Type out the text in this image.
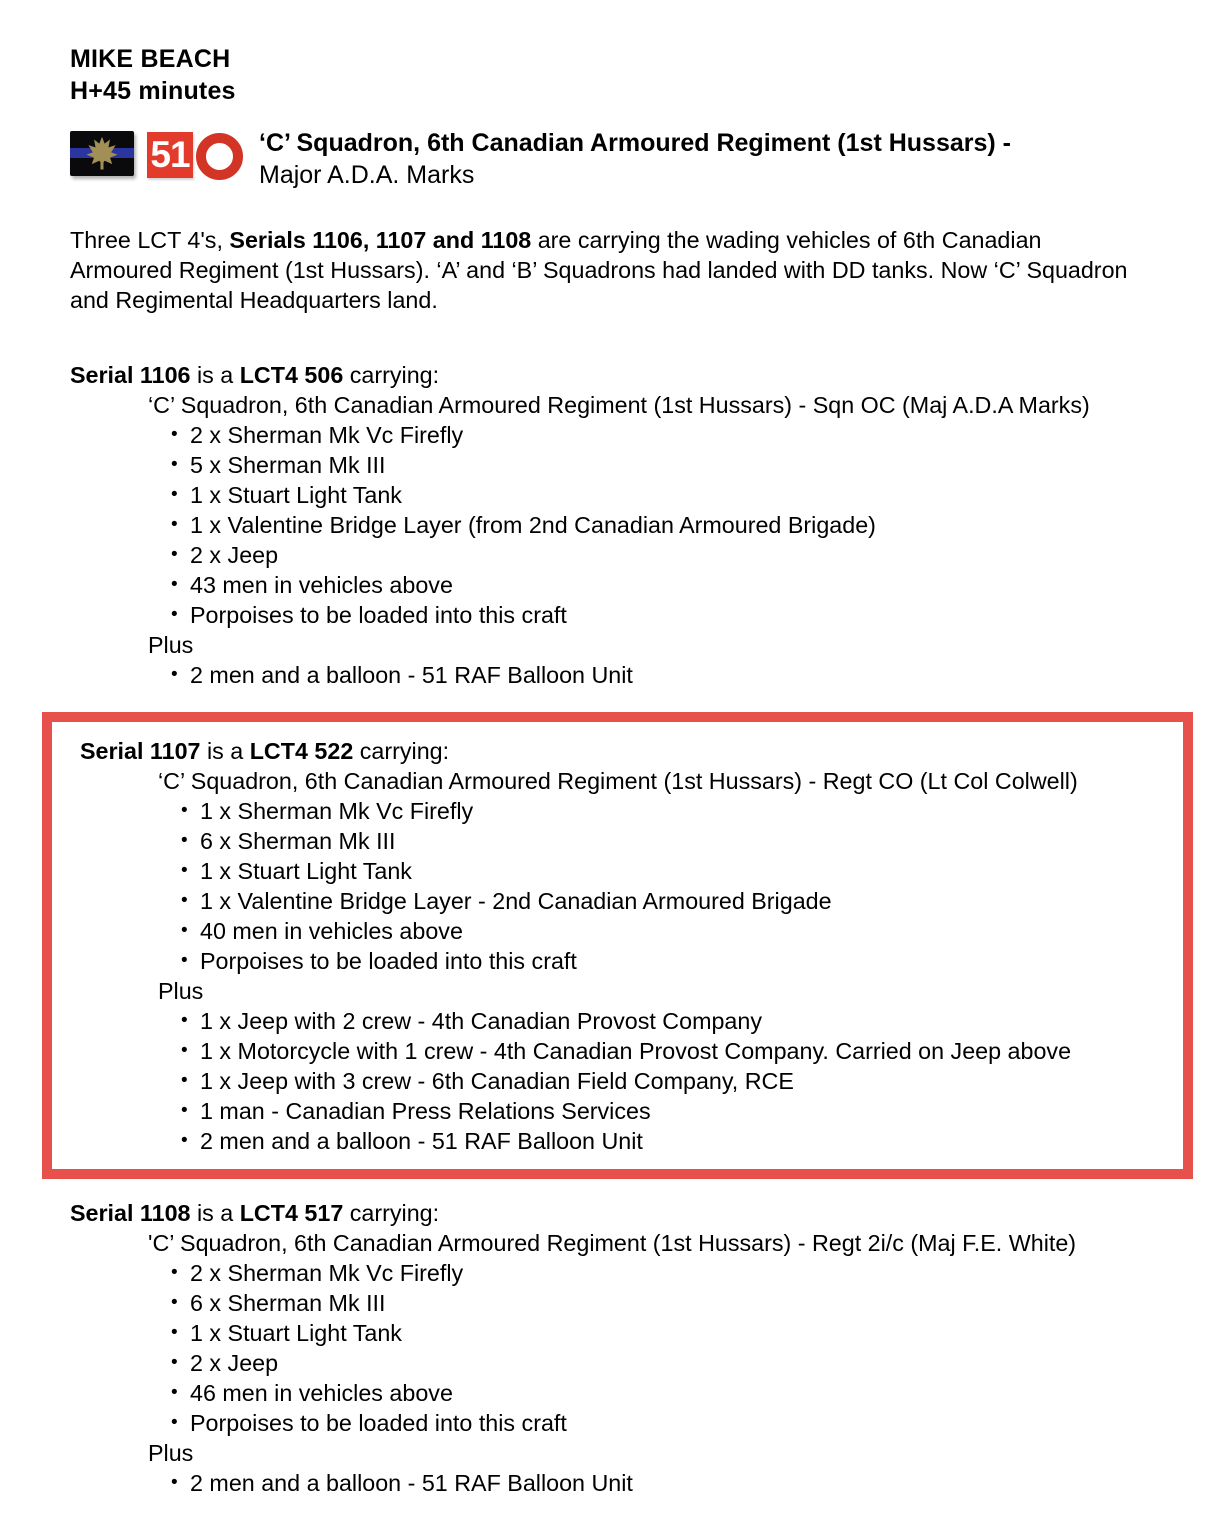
MIKE BEACH
H+45 minutes
51	‘C’ Squadron, 6th Canadian Armoured Regiment (1st Hussars) -
Major A.D.A. Marks

Three LCT 4's, Serials 1106, 1107 and 1108 are carrying the wading vehicles of 6th Canadian Armoured Regiment (1st Hussars). ‘A’ and ‘B’ Squadrons had landed with DD tanks. Now ‘C’ Squadron and Regimental Headquarters land.

Serial 1106 is a LCT4 506 carrying:

‘C’ Squadron, 6th Canadian Armoured Regiment (1st Hussars) - Sqn OC (Maj A.D.A Marks)

• 2 x Sherman Mk Vc Firefly
• 5 x Sherman Mk III
• 1 x Stuart Light Tank
• 1 x Valentine Bridge Layer (from 2nd Canadian Armoured Brigade)
• 2 x Jeep
• 43 men in vehicles above
• Porpoises to be loaded into this craft

Plus

• 2 men and a balloon - 51 RAF Balloon Unit

Serial 1107 is a LCT4 522 carrying:

‘C’ Squadron, 6th Canadian Armoured Regiment (1st Hussars) - Regt CO (Lt Col Colwell)

• 1 x Sherman Mk Vc Firefly
• 6 x Sherman Mk III
• 1 x Stuart Light Tank
• 1 x Valentine Bridge Layer - 2nd Canadian Armoured Brigade
• 40 men in vehicles above
• Porpoises to be loaded into this craft

Plus

• 1 x Jeep with 2 crew - 4th Canadian Provost Company
• 1 x Motorcycle with 1 crew - 4th Canadian Provost Company. Carried on Jeep above
• 1 x Jeep with 3 crew - 6th Canadian Field Company, RCE
• 1 man - Canadian Press Relations Services
• 2 men and a balloon - 51 RAF Balloon Unit

Serial 1108 is a LCT4 517 carrying:

'C’ Squadron, 6th Canadian Armoured Regiment (1st Hussars) - Regt 2i/c (Maj F.E. White)

• 2 x Sherman Mk Vc Firefly
• 6 x Sherman Mk III
• 1 x Stuart Light Tank
• 2 x Jeep
• 46 men in vehicles above
• Porpoises to be loaded into this craft

Plus

• 2 men and a balloon - 51 RAF Balloon Unit
